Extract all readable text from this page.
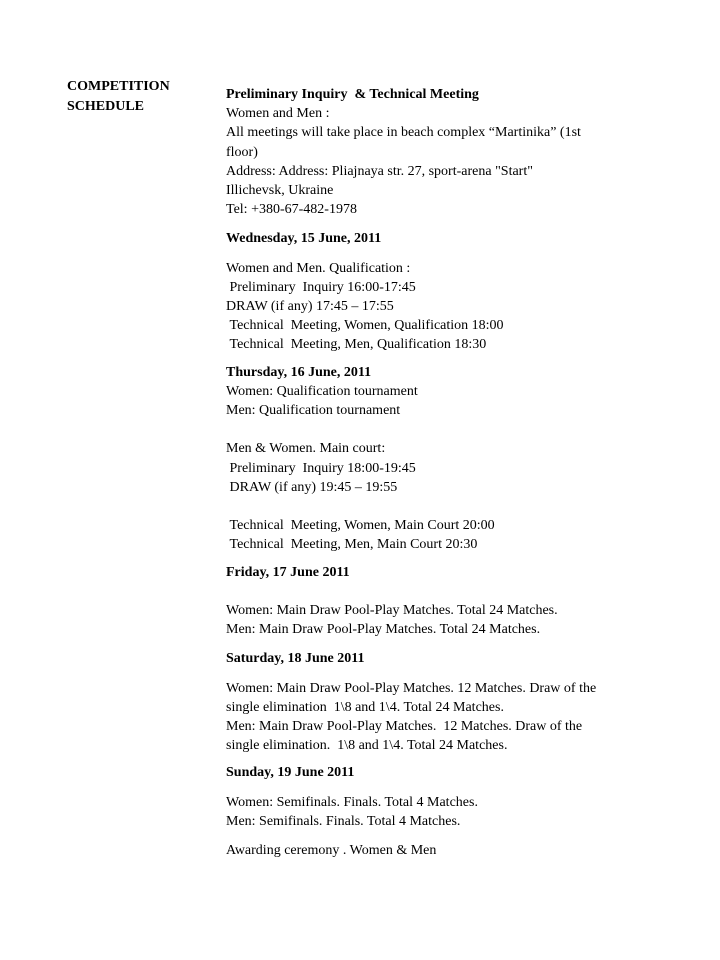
COMPETITION
SCHEDULE
Preliminary Inquiry  & Technical Meeting
Women and Men :
All meetings will take place in beach complex “Martinika” (1st
floor)
Address: Address: Pliajnaya str. 27, sport-arena "Start"
Illichevsk, Ukraine
Tel: +380-67-482-1978
Wednesday, 15 June, 2011
Women and Men. Qualification :
Preliminary  Inquiry 16:00-17:45
DRAW (if any) 17:45 – 17:55
Technical  Meeting, Women, Qualification 18:00
Technical  Meeting, Men, Qualification 18:30
Thursday, 16 June, 2011
Women: Qualification tournament
Men: Qualification tournament
Men & Women. Main court:
Preliminary  Inquiry 18:00-19:45
DRAW (if any) 19:45 – 19:55
Technical  Meeting, Women, Main Court 20:00
Technical  Meeting, Men, Main Court 20:30
Friday, 17 June 2011
Women: Main Draw Pool-Play Matches. Total 24 Matches.
Men: Main Draw Pool-Play Matches. Total 24 Matches.
Saturday, 18 June 2011
Women: Main Draw Pool-Play Matches. 12 Matches. Draw of the
single elimination  1\8 and 1\4. Total 24 Matches.
Men: Main Draw Pool-Play Matches.  12 Matches. Draw of the
single elimination.  1\8 and 1\4. Total 24 Matches.
Sunday, 19 June 2011
Women: Semifinals. Finals. Total 4 Matches.
Men: Semifinals. Finals. Total 4 Matches.
Awarding ceremony . Women & Men
